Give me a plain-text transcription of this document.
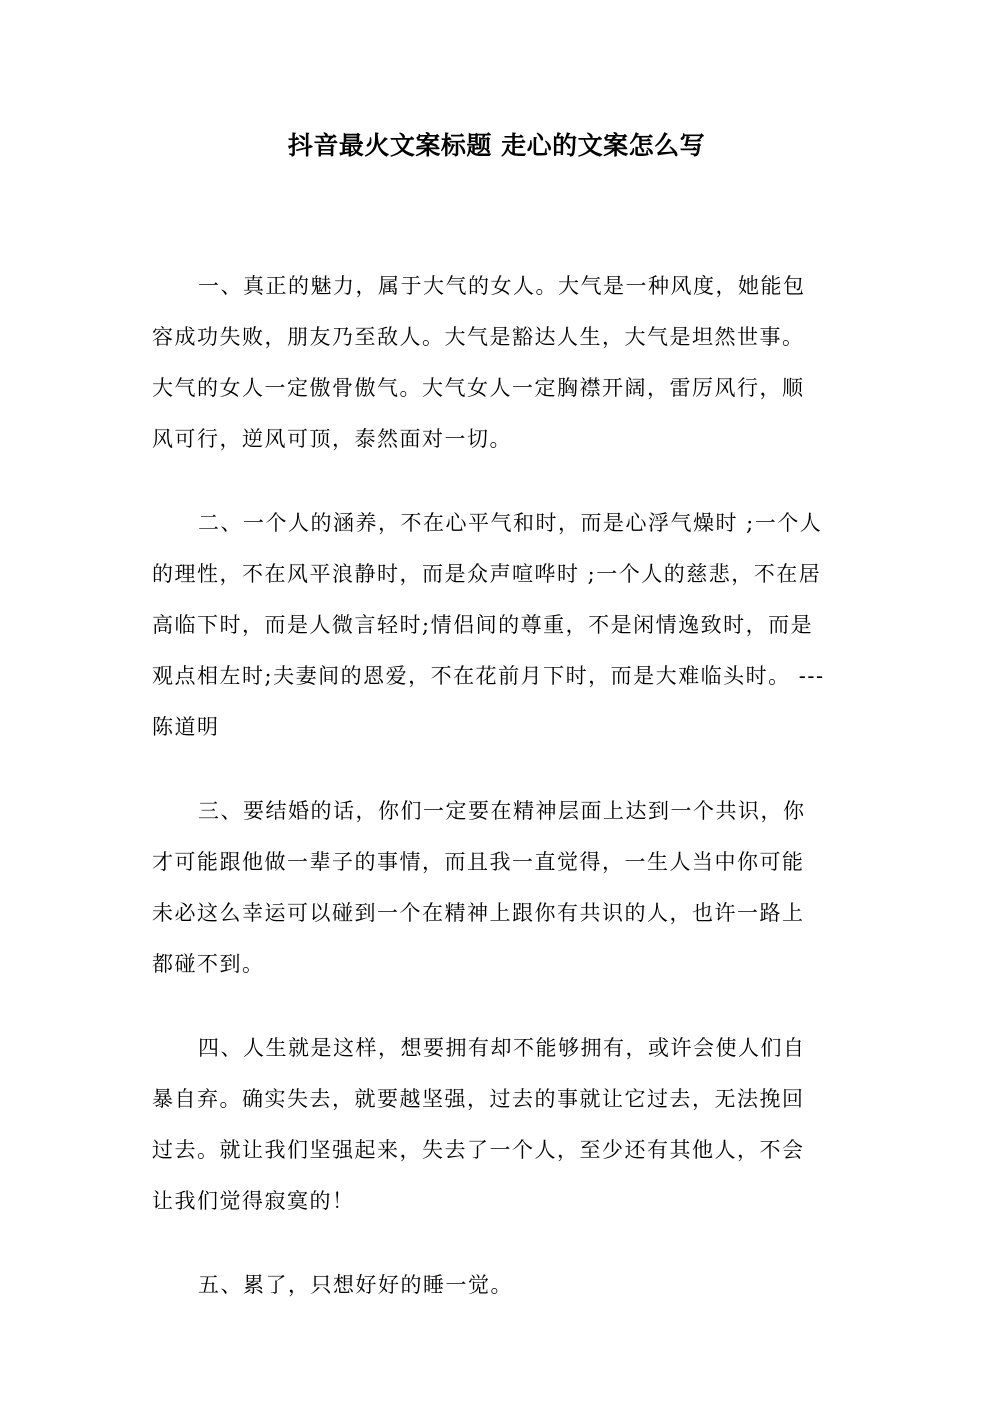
抖音最火文案标题 走心的文案怎么写
一、真正的魅力，属于大气的女人。大气是一种风度，她能包
容成功失败，朋友乃至敌人。大气是豁达人生，大气是坦然世事。
大气的女人一定傲骨傲气。大气女人一定胸襟开阔，雷厉风行，顺
风可行，逆风可顶，泰然面对一切。
二、一个人的涵养，不在心平气和时，而是心浮气燥时 ;一个人
的理性，不在风平浪静时，而是众声喧哗时 ;一个人的慈悲，不在居
高临下时，而是人微言轻时;情侣间的尊重，不是闲情逸致时，而是
观点相左时;夫妻间的恩爱，不在花前月下时，而是大难临头时。 ---
陈道明
三、要结婚的话，你们一定要在精神层面上达到一个共识，你
才可能跟他做一辈子的事情，而且我一直觉得，一生人当中你可能
未必这么幸运可以碰到一个在精神上跟你有共识的人，也许一路上
都碰不到。
四、人生就是这样，想要拥有却不能够拥有，或许会使人们自
暴自弃。确实失去，就要越坚强，过去的事就让它过去，无法挽回
过去。就让我们坚强起来，失去了一个人，至少还有其他人，不会
让我们觉得寂寞的！
五、累了，只想好好的睡一觉。
